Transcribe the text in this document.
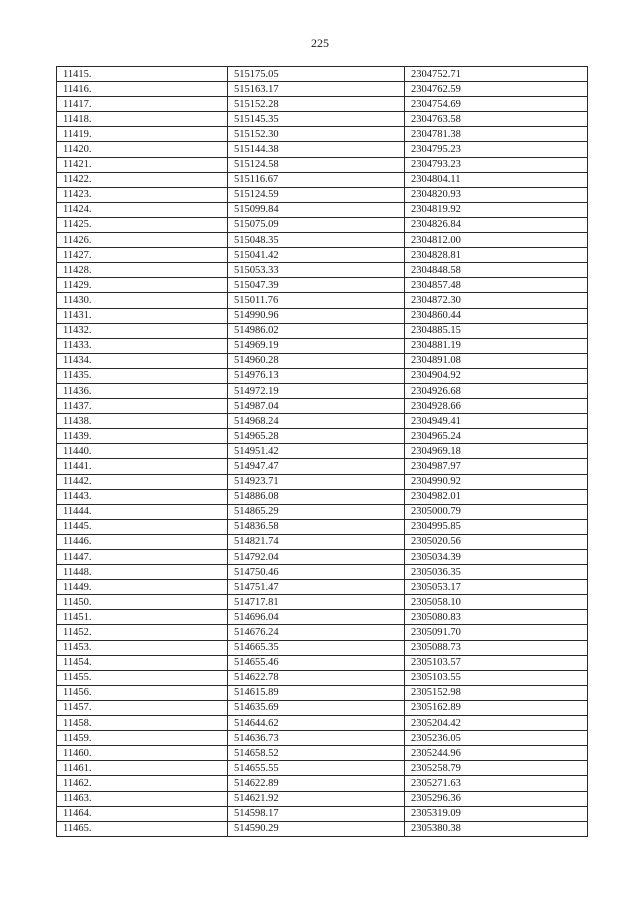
225
11415.	515175.05	2304752.71
11416.	515163.17	2304762.59
11417.	515152.28	2304754.69
11418.	515145.35	2304763.58
11419.	515152.30	2304781.38
11420.	515144.38	2304795.23
11421.	515124.58	2304793.23
11422.	515116.67	2304804.11
11423.	515124.59	2304820.93
11424.	515099.84	2304819.92
11425.	515075.09	2304826.84
11426.	515048.35	2304812.00
11427.	515041.42	2304828.81
11428.	515053.33	2304848.58
11429.	515047.39	2304857.48
11430.	515011.76	2304872.30
11431.	514990.96	2304860.44
11432.	514986.02	2304885.15
11433.	514969.19	2304881.19
11434.	514960.28	2304891.08
11435.	514976.13	2304904.92
11436.	514972.19	2304926.68
11437.	514987.04	2304928.66
11438.	514968.24	2304949.41
11439.	514965.28	2304965.24
11440.	514951.42	2304969.18
11441.	514947.47	2304987.97
11442.	514923.71	2304990.92
11443.	514886.08	2304982.01
11444.	514865.29	2305000.79
11445.	514836.58	2304995.85
11446.	514821.74	2305020.56
11447.	514792.04	2305034.39
11448.	514750.46	2305036.35
11449.	514751.47	2305053.17
11450.	514717.81	2305058.10
11451.	514696.04	2305080.83
11452.	514676.24	2305091.70
11453.	514665.35	2305088.73
11454.	514655.46	2305103.57
11455.	514622.78	2305103.55
11456.	514615.89	2305152.98
11457.	514635.69	2305162.89
11458.	514644.62	2305204.42
11459.	514636.73	2305236.05
11460.	514658.52	2305244.96
11461.	514655.55	2305258.79
11462.	514622.89	2305271.63
11463.	514621.92	2305296.36
11464.	514598.17	2305319.09
11465.	514590.29	2305380.38
